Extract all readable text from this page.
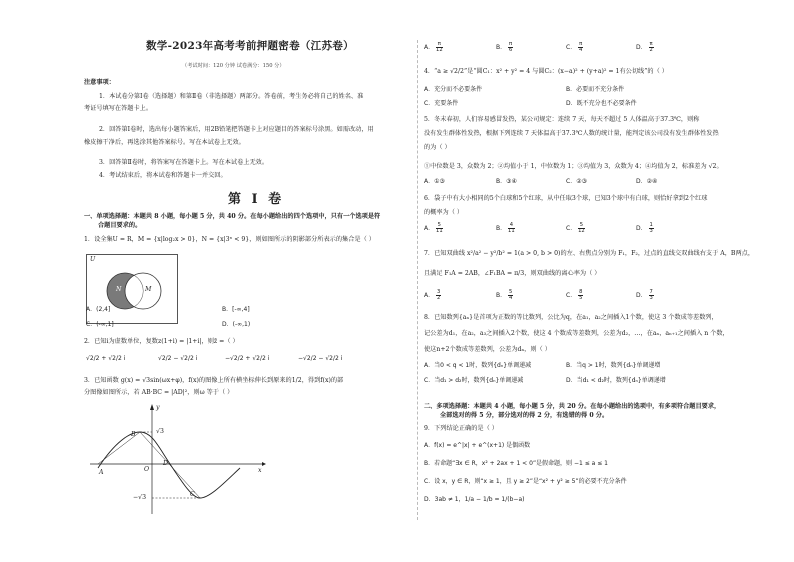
数学-2023年高考考前押题密卷（江苏卷）
（考试时间：120 分钟 试卷满分：150 分）
注意事项：
1．本试卷分第Ⅰ卷（选择题）和第Ⅱ卷（非选择题）两部分。答卷前，考生务必将自己的姓名、准
考证号填写在答题卡上。
2．回答第Ⅰ卷时，选出每小题答案后，用2B铅笔把答题卡上对应题目的答案标号涂黑。如需改动，用
橡皮擦干净后，再选涂其他答案标号。写在本试卷上无效。
3．回答第Ⅱ卷时，将答案写在答题卡上。写在本试卷上无效。
4．考试结束后，将本试卷和答题卡一并交回。
第 I 卷
一、单项选择题：本题共 8 小题，每小题 5 分，共 40 分。在每小题给出的四个选项中，只有一个选项是符
合题目要求的。
1．设全集U = R，M = {x|log₂x > 0}，N = {x|3ˣ < 9}，则如图所示的阴影部分所表示的集合是（ ）
U
N	M
A．(2,4]	B．[-∞,4]
C．(-∞,1]	D．(-∞,1)
2．已知i为虚数单位，复数z(1+i) = |1+i|，则z̄ =（ ）
√2/2 + √2/2 i	√2/2 − √2/2 i	−√2/2 + √2/2 i	−√2/2 − √2/2 i
3．已知函数 g(x) = √3sin(ωx+φ)，f(x)的图像上所有横坐标伸长到原来的1/2，得到f(x)的部
分图像如图所示，若 AB·BC = |AD|²，则ω 等于（ ）
B
A	O
D
C
x
y
√3
−√3
A． $\frac{\pi}{12}$	B． $\frac{\pi}{6}$	C． $\frac{\pi}{4}$	D． $\frac{\pi}{2}$
4．“a ≥ √2/2”是“圆C₁：x² + y² = 4 与圆C₂：(x−a)² + (y+a)² = 1有公切线”的（ ）
A．充分而不必要条件	B．必要而不充分条件
C．充要条件	D．既不充分也不必要条件
5．冬末春初，人们容易感冒发热，某公司规定：连续 7 天，每天不超过 5 人体温高于37.3℃，则称
没有发生群体性发热，根据下列连续 7 天体温高于37.3℃人数的统计量，能判定该公司没有发生群体性发热
的为（ ）
①中位数是 3，众数为 2；②均值小于 1，中位数为 1；③均值为 3，众数为 4；④均值为 2，标准差为 √2。
A．①③	B．③④	C．②③	D．②④
6．袋子中有大小相同的5个白球和5个红球，从中任取3个球，已知3个球中有白球，则恰好拿到2个红球
的概率为（ ）
A． $\frac{5}{11}$	B． $\frac{4}{11}$	C． $\frac{5}{12}$	D． $\frac{1}{3}$
7．已知双曲线 x²/a² − y²/b² = 1(a > 0, b > 0)的左、右焦点分别为 F₁，F₂，过点的直线交双曲线右支于 A，B两点，
且满足 F₁A = 2AB，∠F₁BA = π/3，则双曲线的离心率为（ ）
A． $\frac{3}{2}$	B． $\frac{5}{4}$	C． $\frac{8}{5}$	D． $\frac{7}{3}$
8．已知数列{aₙ}是首项为正数的等比数列，公比为q，在a₁，a₂之间插入1个数，使这 3 个数成等差数列，
记公差为d₁，在a₂，a₃之间插入2个数，使这 4 个数成等差数列，公差为d₂，…，在aₙ，aₙ₊₁之间插入 n 个数，
使这n+2个数成等差数列，公差为dₙ，则（ ）
A．当0 < q < 1时，数列{dₙ}单调递减	B．当q > 1时，数列{dₙ}单调递增
C．当d₁ > d₂时，数列{dₙ}单调递减	D．当d₁ < d₂时，数列{dₙ}单调递增
二、多项选择题：本题共 4 小题，每小题 5 分，共 20 分。在每小题给出的选项中，有多项符合题目要求，
全部选对的得 5 分，部分选对的得 2 分，有选错的得 0 分。
9．下列结论正确的是（ ）
A．f(x) = e^|x| + e^(x+1) 是偶函数
B．若命题“∃x ∈ R，x² + 2ax + 1 < 0”是假命题，则 −1 ≤ a ≤ 1
C．设 x，y ∈ R，则“x ≥ 1，且 y ≥ 2”是“x² + y² ≥ 5”的必要不充分条件
D．3ab ≠ 1，1/a − 1/b = 1/(b−a)
